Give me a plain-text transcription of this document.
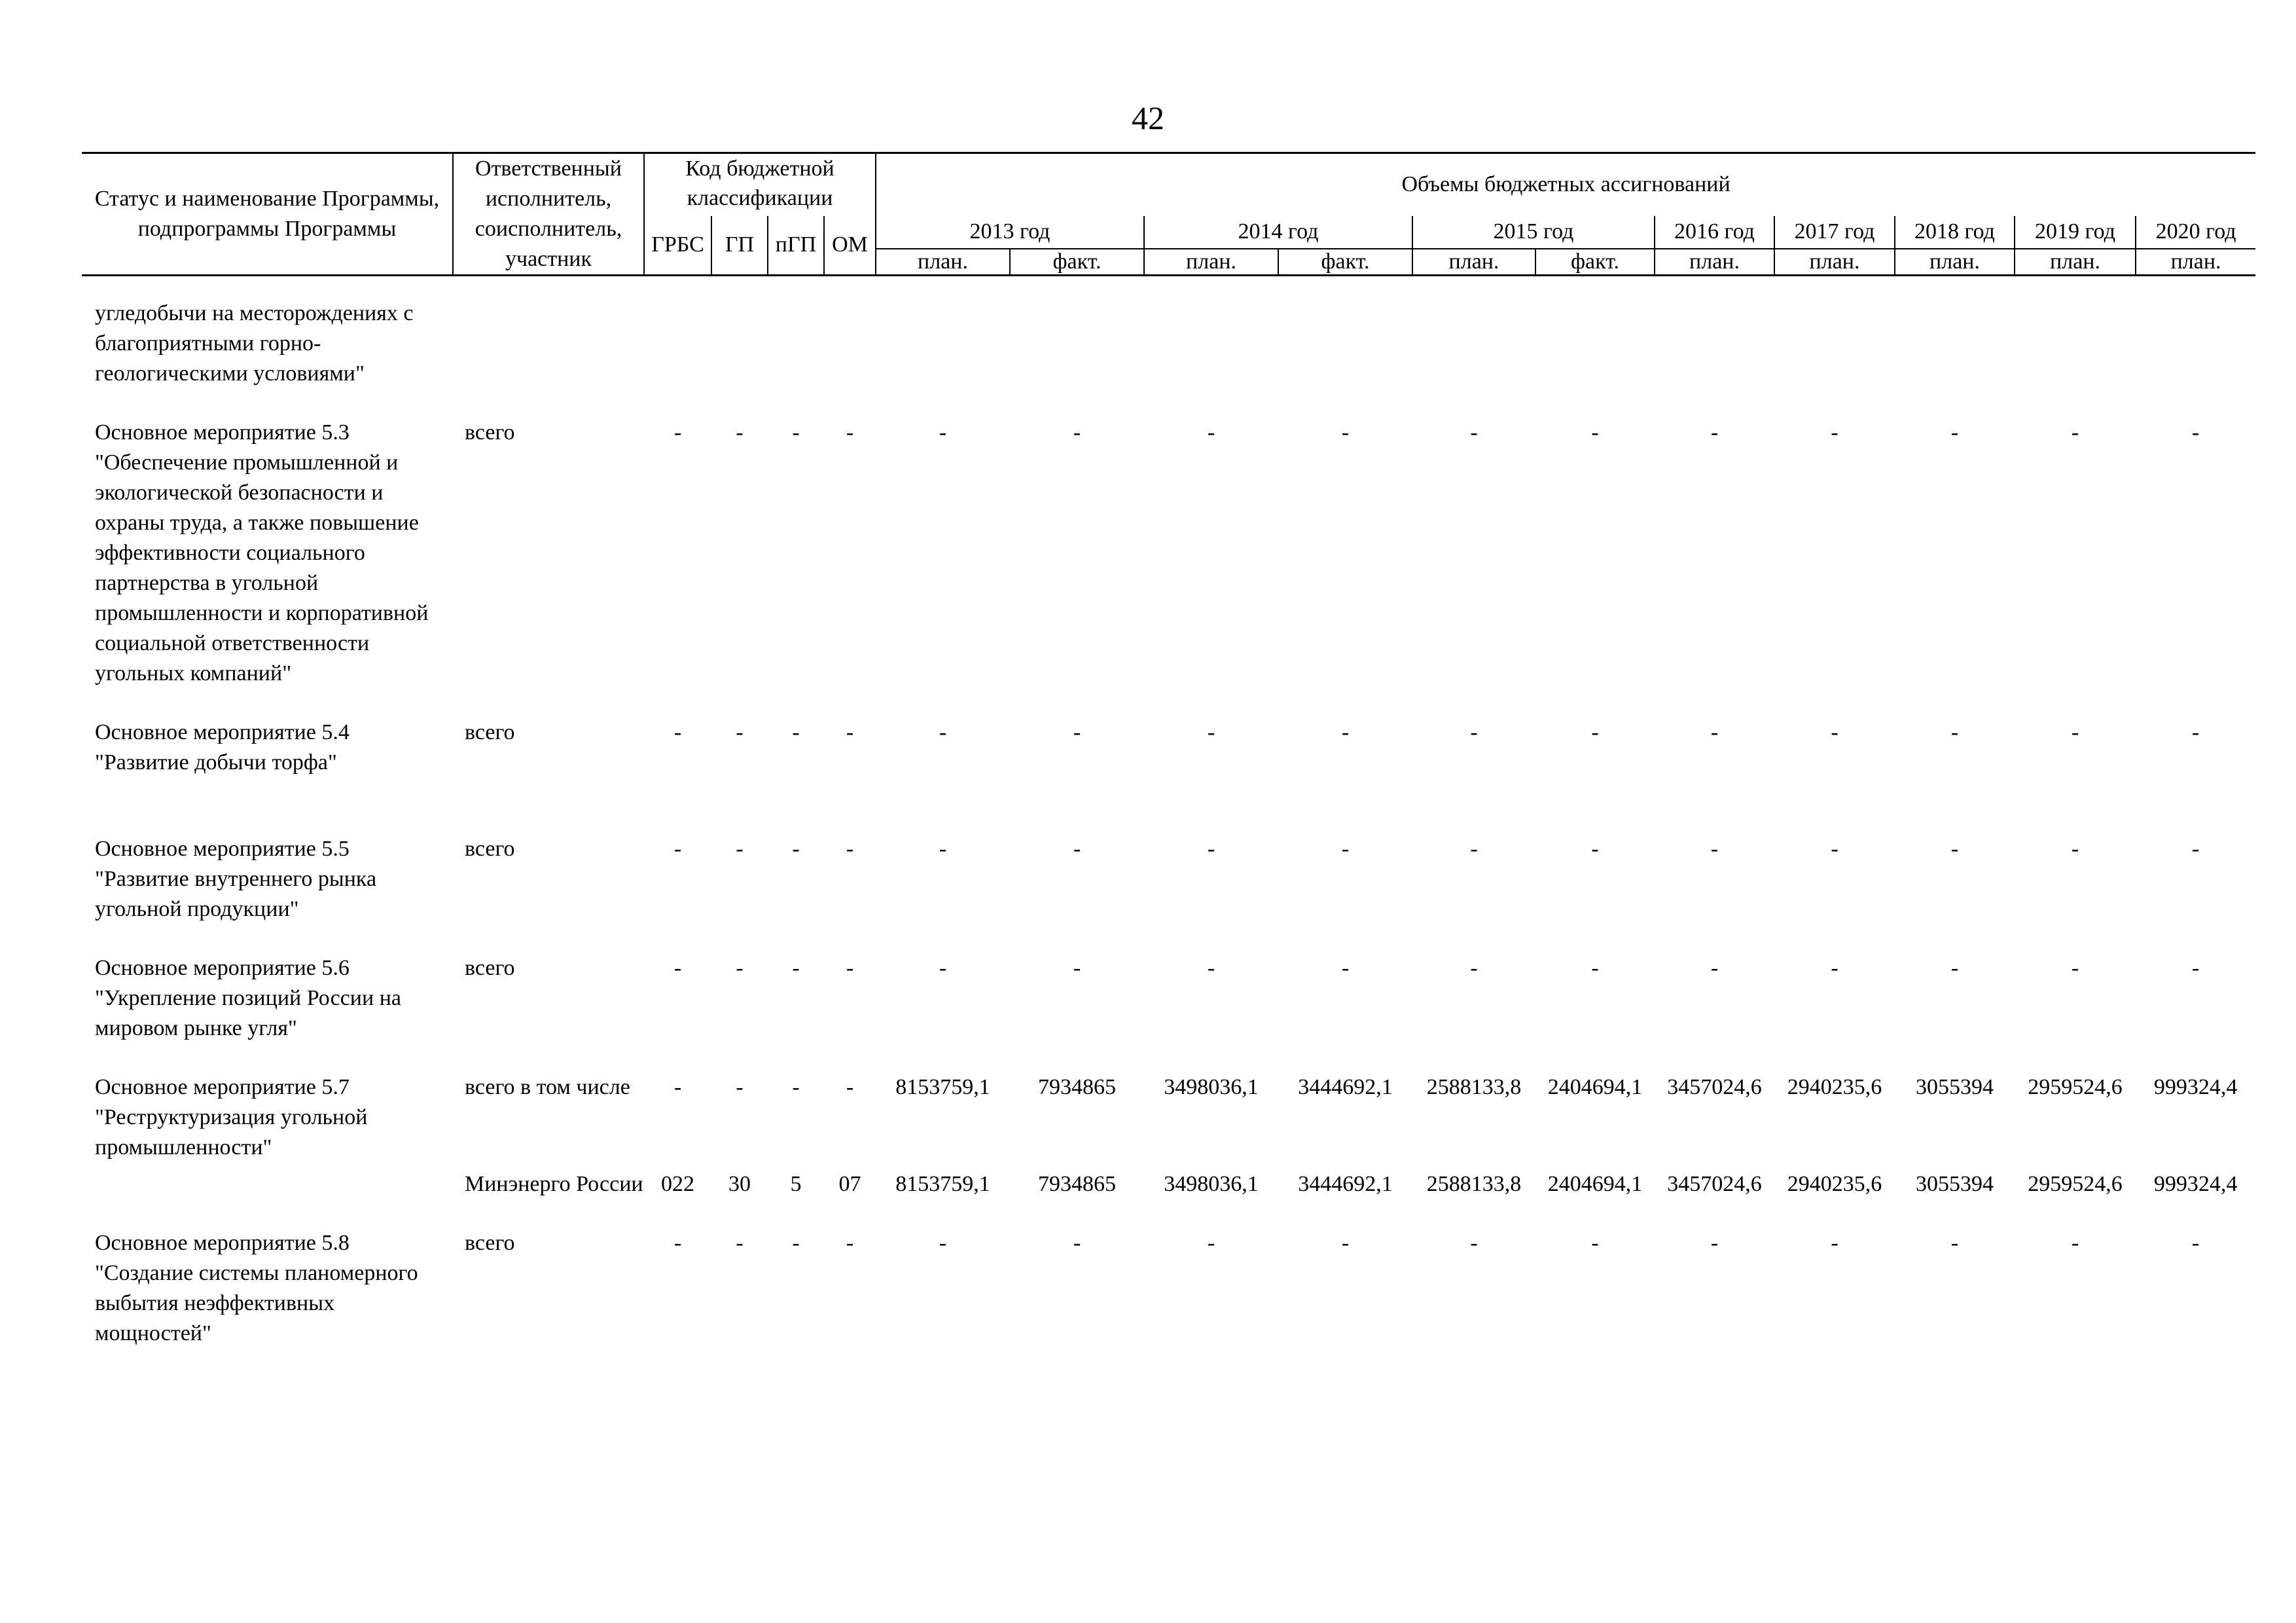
42
Статус и наименование Программы, подпрограммы Программы	Ответственный исполнитель, соисполнитель, участник	Код бюджетной классификации				Объемы бюджетных ассигнований										
		ГРБС	ГП	пГП	ОМ	2013 год		2014 год		2015 год		2016 год	2017 год	2018 год	2019 год	2020 год
						план.	факт.	план.	факт.	план.	факт.	план.	план.	план.	план.	план.

угледобычи на месторождениях с благоприятными горно-геологическими условиями"																
Основное мероприятие 5.3 "Обеспечение промышленной и экологической безопасности и охраны труда, а также повышение эффективности социального партнерства в угольной промышленности и корпоративной социальной ответственности угольных компаний"	всего	-	-	-	-	-	-	-	-	-	-	-	-	-	-	-
Основное мероприятие 5.4 "Развитие добычи торфа"	всего	-	-	-	-	-	-	-	-	-	-	-	-	-	-	-
Основное мероприятие 5.5 "Развитие внутреннего рынка угольной продукции"	всего	-	-	-	-	-	-	-	-	-	-	-	-	-	-	-
Основное мероприятие 5.6 "Укрепление позиций России на мировом рынке угля"	всего	-	-	-	-	-	-	-	-	-	-	-	-	-	-	-
Основное мероприятие 5.7 "Реструктуризация угольной промышленности"	всего в том числе	-	-	-	-	8153759,1	7934865	3498036,1	3444692,1	2588133,8	2404694,1	3457024,6	2940235,6	3055394	2959524,6	999324,4
	Минэнерго России	022	30	5	07	8153759,1	7934865	3498036,1	3444692,1	2588133,8	2404694,1	3457024,6	2940235,6	3055394	2959524,6	999324,4
Основное мероприятие 5.8 "Создание системы планомерного выбытия неэффективных мощностей"	всего	-	-	-	-	-	-	-	-	-	-	-	-	-	-	-
